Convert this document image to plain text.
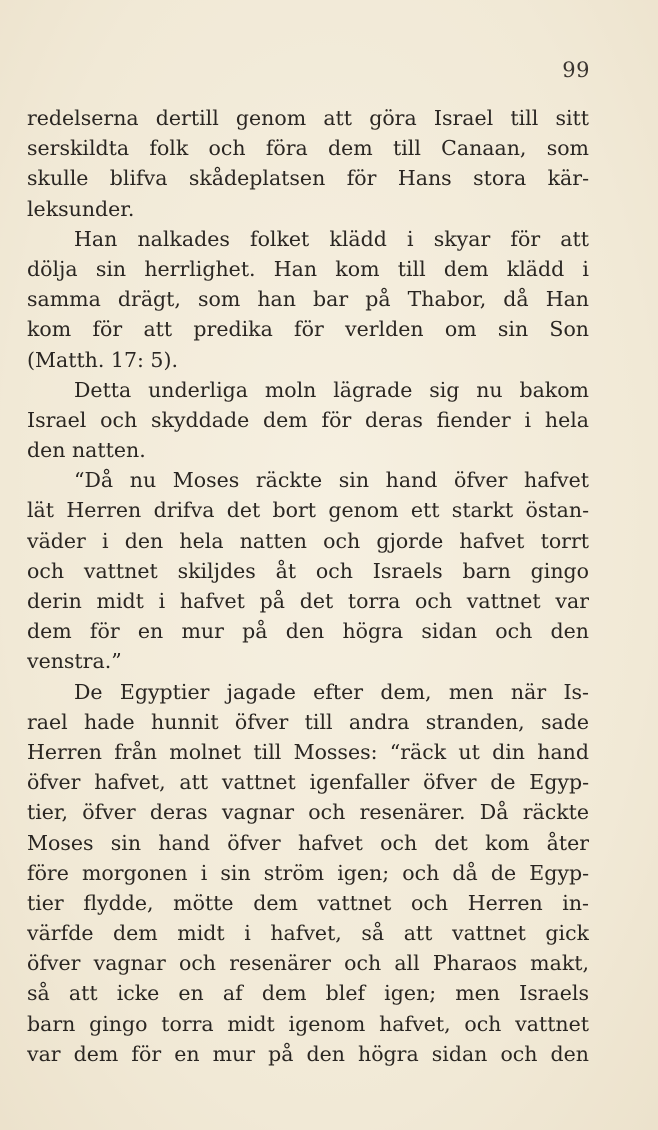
99
redelserna dertill genom att göra Israel till sitt
serskildta folk och föra dem till Canaan, som
skulle blifva skådeplatsen för Hans stora kär-
leksunder.
Han nalkades folket klädd i skyar för att
dölja sin herrlighet. Han kom till dem klädd i
samma drägt, som han bar på Thabor, då Han
kom för att predika för verlden om sin Son
(Matth. 17: 5).
Detta underliga moln lägrade sig nu bakom
Israel och skyddade dem för deras fiender i hela
den natten.
“Då nu Moses räckte sin hand öfver hafvet
lät Herren drifva det bort genom ett starkt östan-
väder i den hela natten och gjorde hafvet torrt
och vattnet skiljdes åt och Israels barn gingo
derin midt i hafvet på det torra och vattnet var
dem för en mur på den högra sidan och den
venstra.”
De Egyptier jagade efter dem, men när Is-
rael hade hunnit öfver till andra stranden, sade
Herren från molnet till Mosses: “räck ut din hand
öfver hafvet, att vattnet igenfaller öfver de Egyp-
tier, öfver deras vagnar och resenärer. Då räckte
Moses sin hand öfver hafvet och det kom åter
före morgonen i sin ström igen; och då de Egyp-
tier flydde, mötte dem vattnet och Herren in-
värfde dem midt i hafvet, så att vattnet gick
öfver vagnar och resenärer och all Pharaos makt,
så att icke en af dem blef igen; men Israels
barn gingo torra midt igenom hafvet, och vattnet
var dem för en mur på den högra sidan och den
